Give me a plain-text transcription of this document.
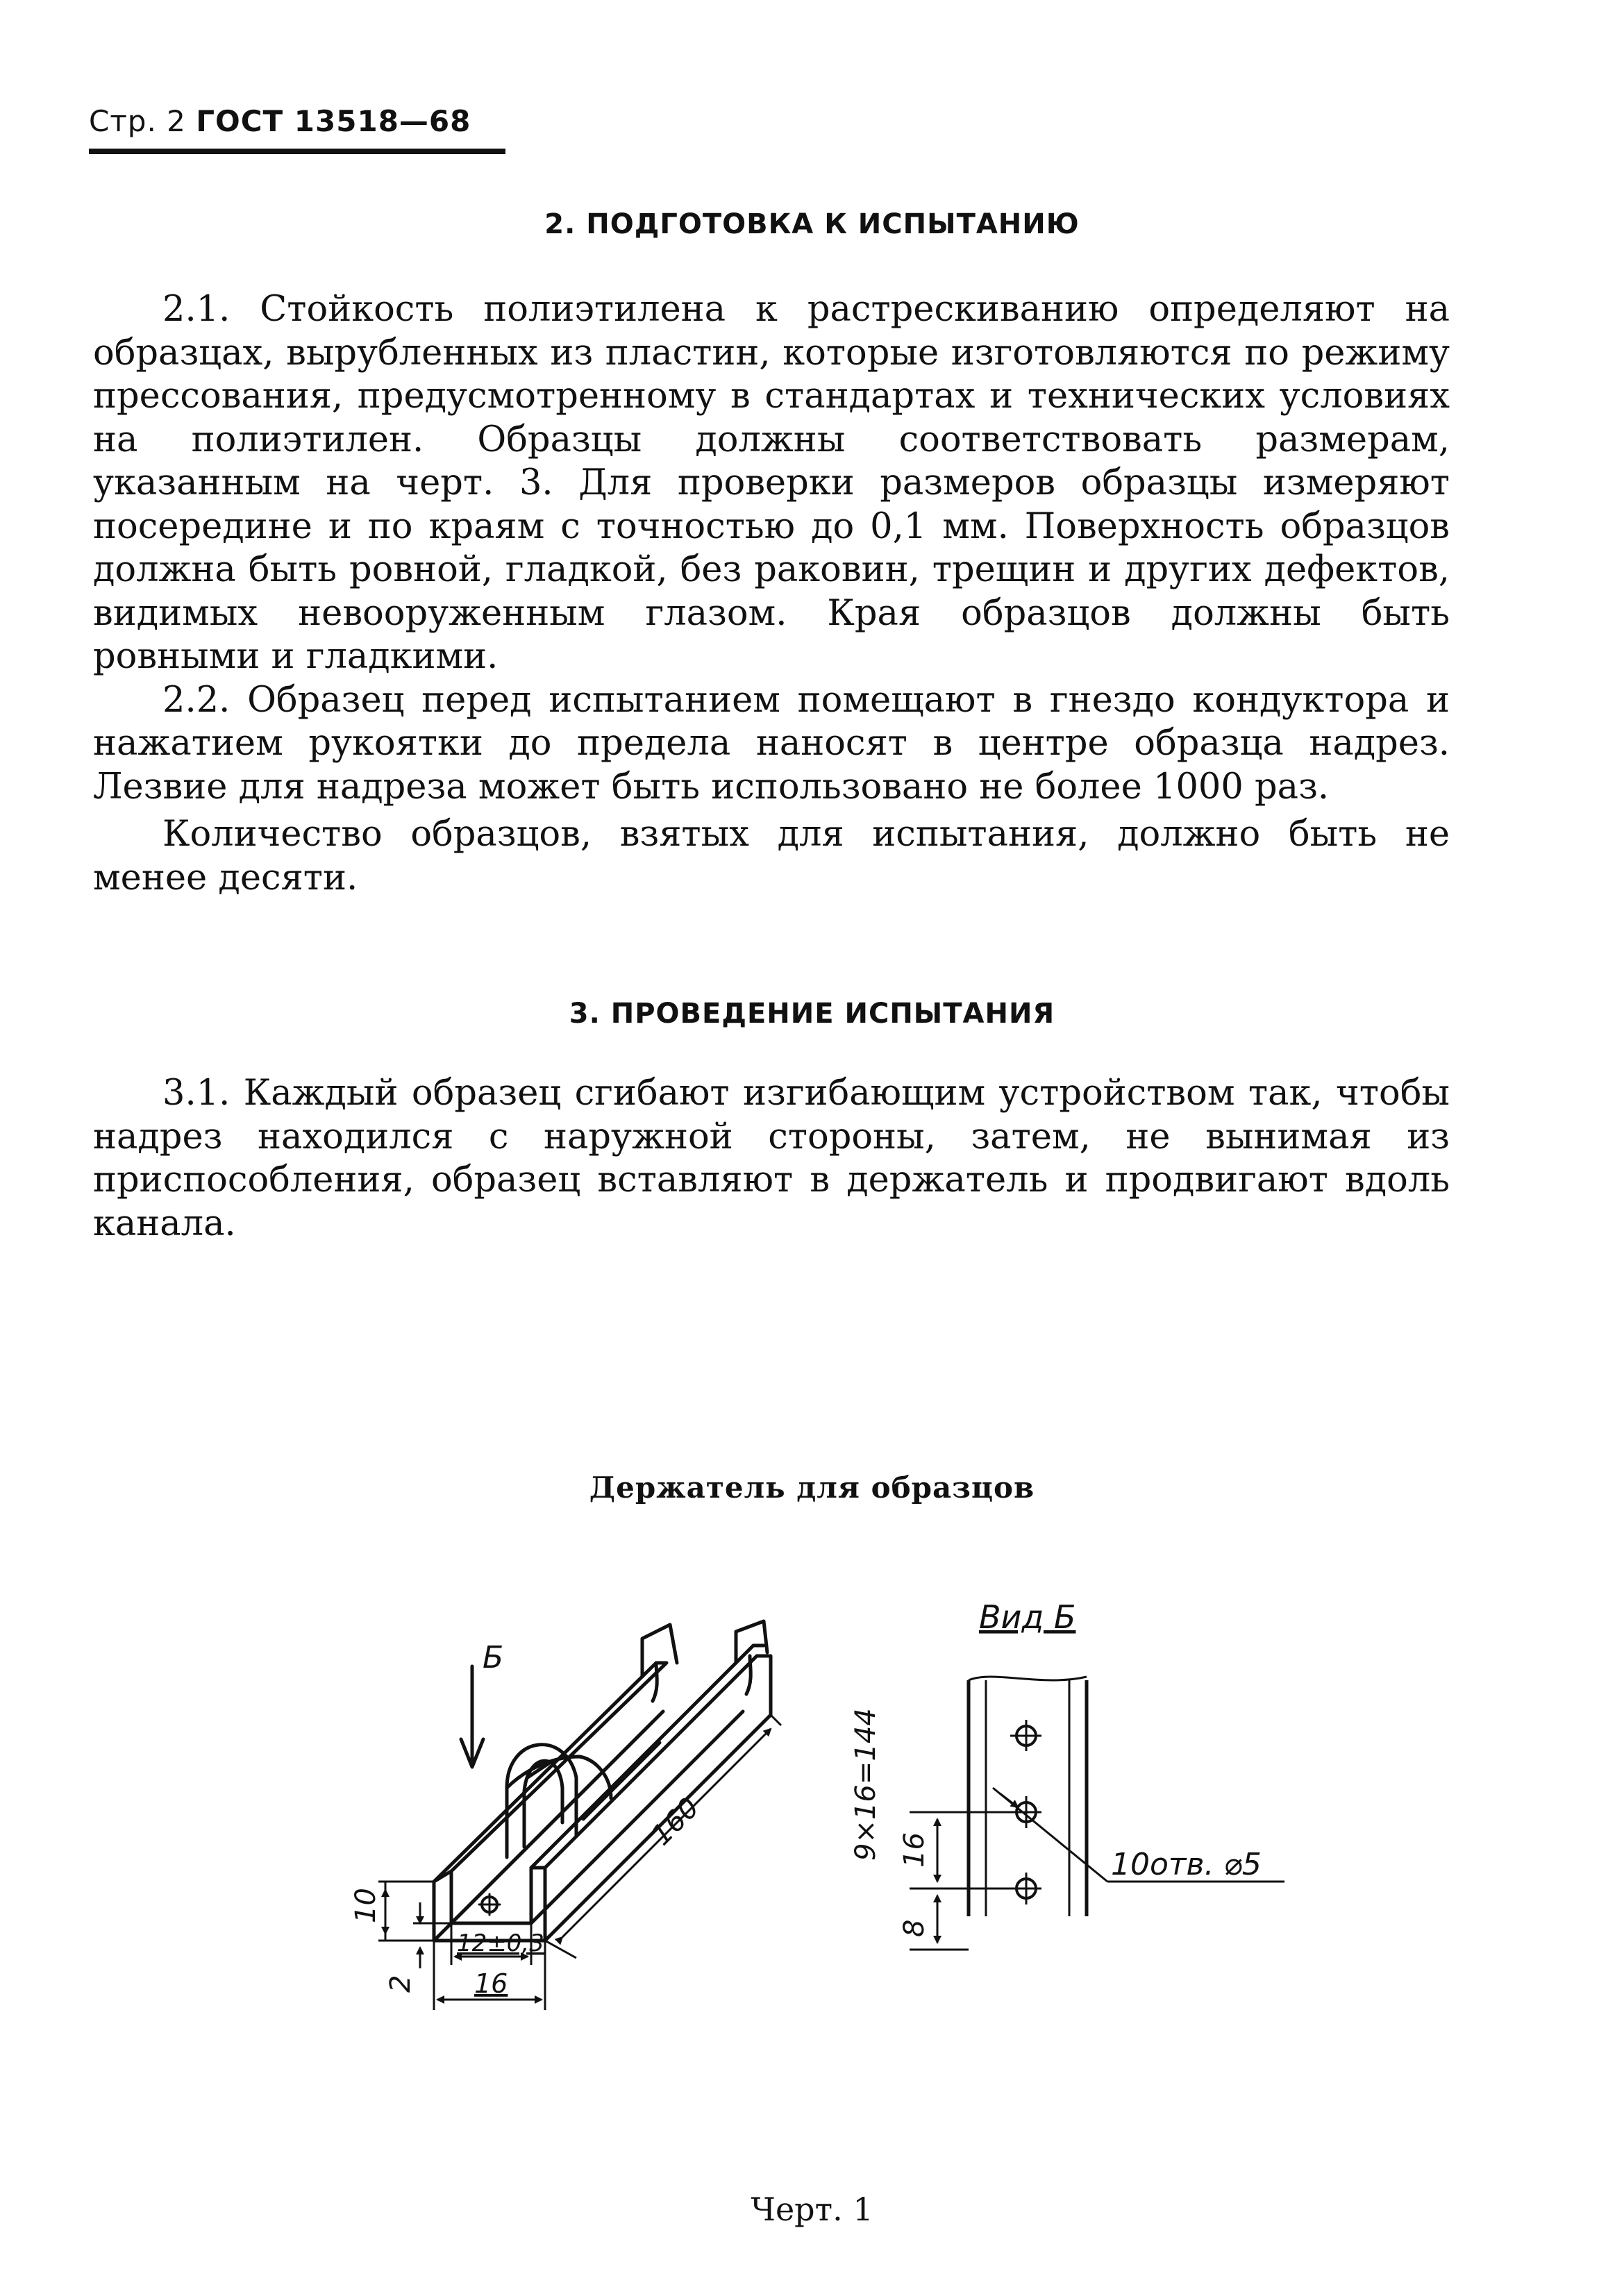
Стр. 2 ГОСТ 13518—68
2. ПОДГОТОВКА К ИСПЫТАНИЮ

2.1. Стойкость полиэтилена к растрескиванию определяют на образцах, вырубленных из пластин, которые изготовляются по режиму прессования, предусмотренному в стандартах и технических условиях на полиэтилен. Образцы должны соответствовать размерам, указанным на черт. 3. Для проверки размеров образцы измеряют посередине и по краям с точностью до 0,1 мм. Поверхность образцов должна быть ровной, гладкой, без раковин, трещин и других дефектов, видимых невооруженным глазом. Края образцов должны быть ровными и гладкими.

2.2. Образец перед испытанием помещают в гнездо кондуктора и нажатием рукоятки до предела наносят в центре образца надрез. Лезвие для надреза может быть использовано не более 1000 раз.

Количество образцов, взятых для испытания, должно быть не менее десяти.

3. ПРОВЕДЕНИЕ ИСПЫТАНИЯ

3.1. Каждый образец сгибают изгибающим устройством так, чтобы надрез находился с наружной стороны, затем, не вынимая из приспособления, образец вставляют в держатель и продвигают вдоль канала.

Держатель для образцов
Б
160
10
2
12±0,3
16
Вид Б
9×16=144 16
8
10отв. ⌀5
Черт. 1
